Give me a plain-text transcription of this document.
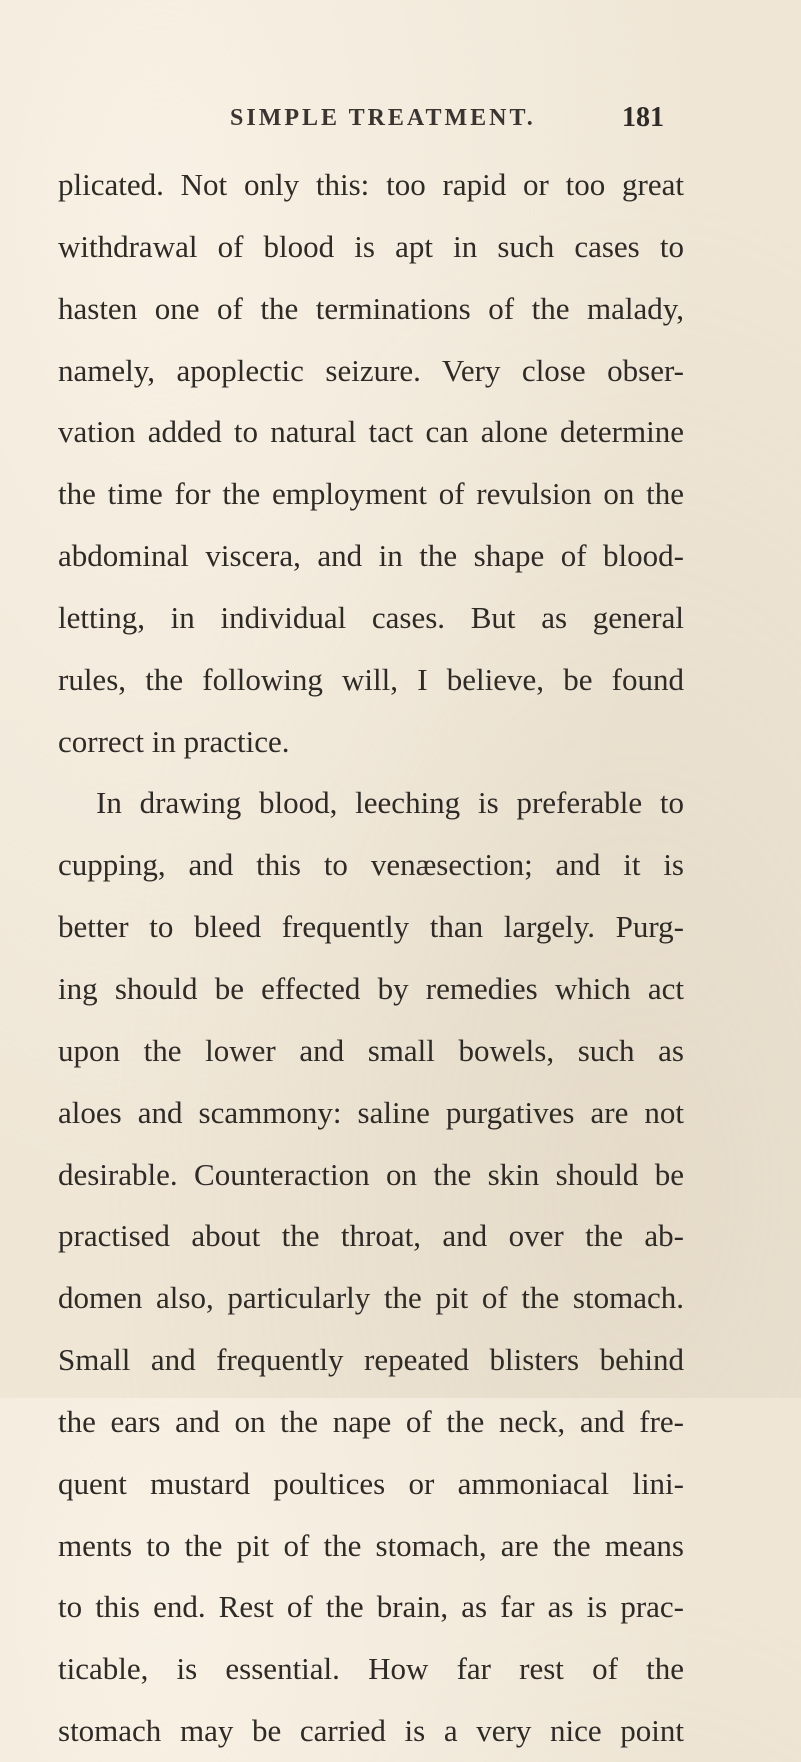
SIMPLE TREATMENT.	181
plicated. Not only this: too rapid or too great
withdrawal of blood is apt in such cases to
hasten one of the terminations of the malady,
namely, apoplectic seizure. Very close obser-
vation added to natural tact can alone determine
the time for the employment of revulsion on the
abdominal viscera, and in the shape of blood-
letting, in individual cases. But as general
rules, the following will, I believe, be found
correct in practice.
In drawing blood, leeching is preferable to
cupping, and this to venæsection; and it is
better to bleed frequently than largely. Purg-
ing should be effected by remedies which act
upon the lower and small bowels, such as
aloes and scammony: saline purgatives are not
desirable. Counteraction on the skin should be
practised about the throat, and over the ab-
domen also, particularly the pit of the stomach.
Small and frequently repeated blisters behind
the ears and on the nape of the neck, and fre-
quent mustard poultices or ammoniacal lini-
ments to the pit of the stomach, are the means
to this end. Rest of the brain, as far as is prac-
ticable, is essential. How far rest of the
stomach may be carried is a very nice point
